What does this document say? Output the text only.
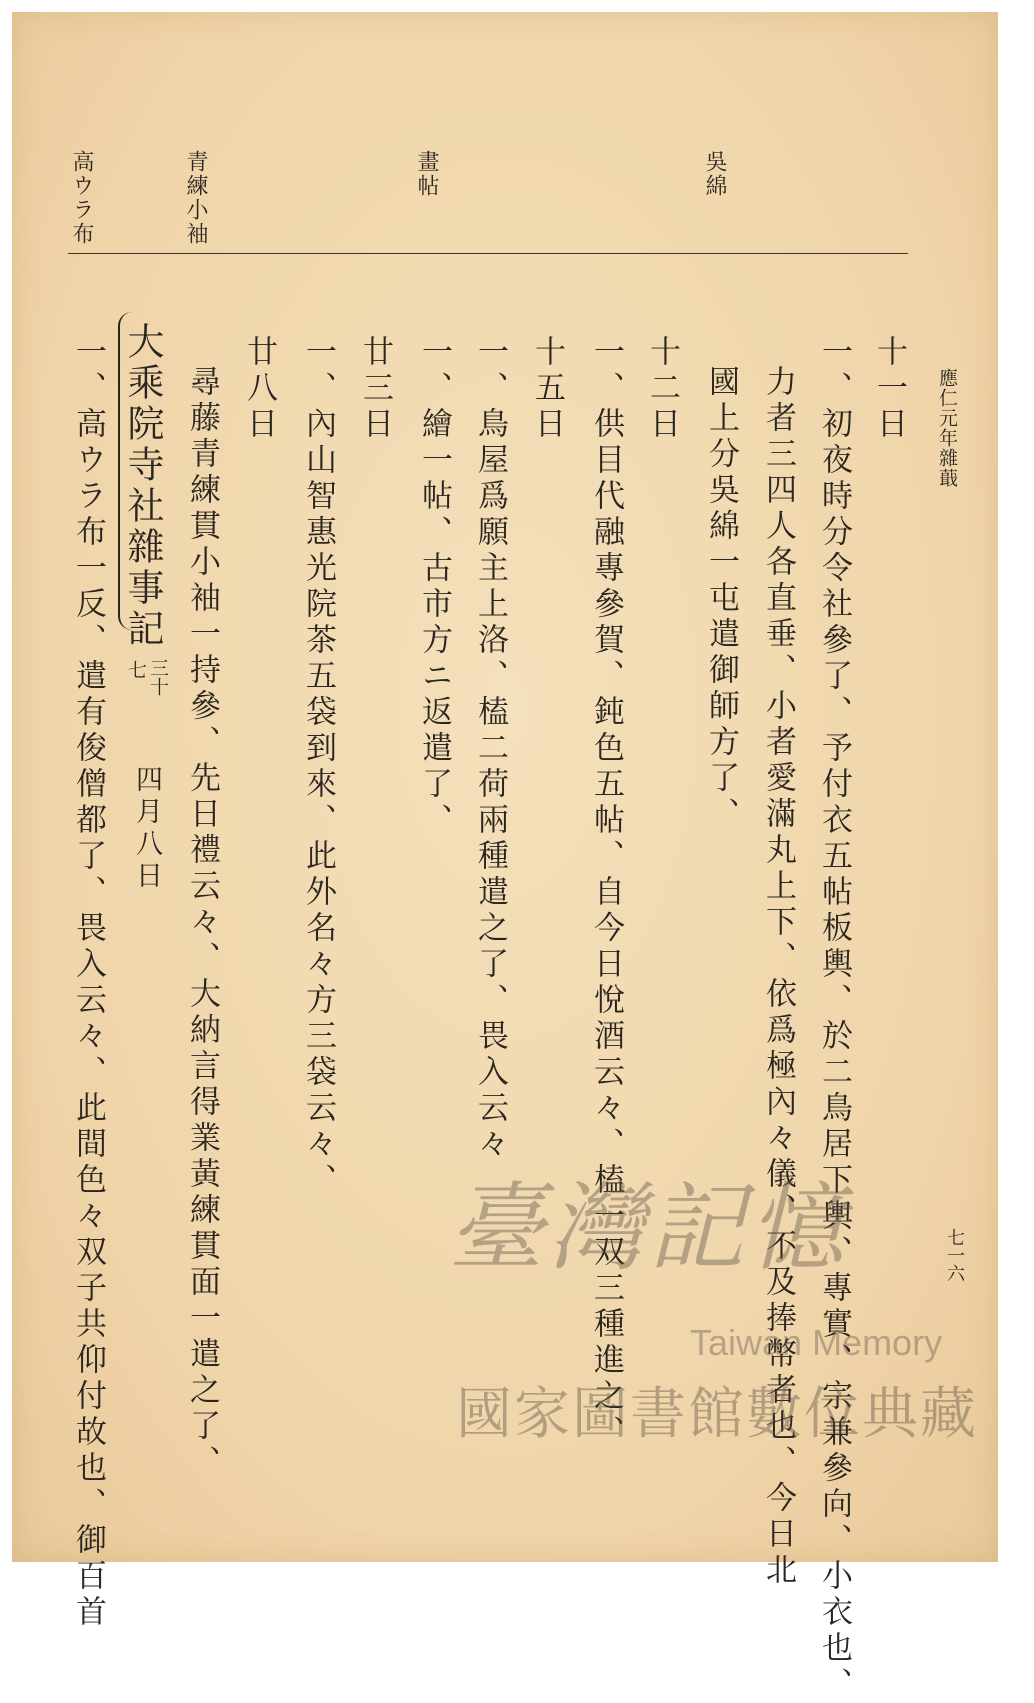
應仁元年雜蕺
七一六
吳綿
畫帖
青練小袖
高ウラ布
十一日
一、初夜時分令社參了、予付衣五帖板輿、於二鳥居下輿、專實、宗兼參向、小衣也、
力者三四人各直垂、小者愛滿丸上下、依爲極內々儀、不及捧幣者也、今日北
國上分吳綿一屯遣御師方了、
十二日
一、供目代融專參賀、鈍色五帖、自今日悅酒云々、榼一双三種進之、
十五日
一、鳥屋爲願主上洛、榼二荷兩種遣之了、畏入云々
一、繪一帖、古市方ニ返遣了、
廿三日
一、內山智惠光院茶五袋到來、此外名々方三袋云々、
廿八日
尋藤青練貫小袖一持參、先日禮云々、大納言得業黃練貫面一遣之了、
一、高ウラ布一反、遣有俊僧都了、畏入云々、此間色々双子共仰付故也、御百首 大乘院寺社雜事記
三十
七
四月八日
臺灣記憶
Taiwan Memory
國家圖書館數位典藏
